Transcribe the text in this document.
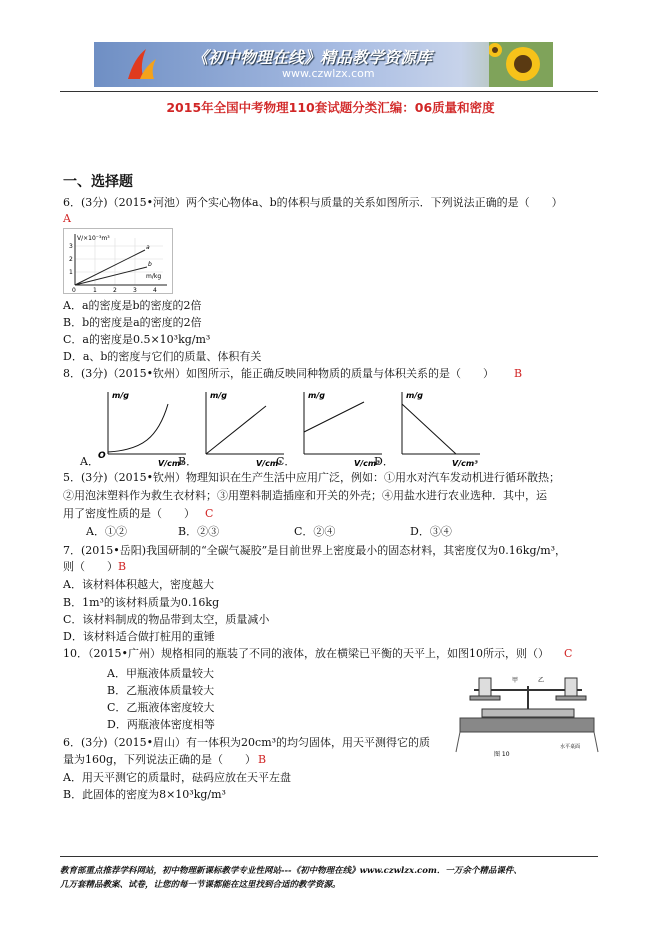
《初中物理在线》精品教学资源库
www.czwlzx.com
2015年全国中考物理110套试题分类汇编：06质量和密度
一、选择题
6．(3分)（2015•河池）两个实心物体a、b的体积与质量的关系如图所示．下列说法正确的是（　　）
A
V/×10⁻³m³
m/kg
a
b
1
2
3
0	1	2	3	4
A．a的密度是b的密度的2倍
B．b的密度是a的密度的2倍
C．a的密度是0.5×10³kg/m³
D．a、b的密度与它们的质量、体积有关
8．(3分)（2015•钦州）如图所示，能正确反映同种物质的质量与体积关系的是（　　） B
m/g
V/cm³
O
m/g
V/cm³
m/g
V/cm³
m/g
V/cm³
A．	B．	C．	D．
5．(3分)（2015•钦州）物理知识在生产生活中应用广泛，例如：①用水对汽车发动机进行循环散热；
②用泡沫塑料作为救生衣材料；③用塑料制造插座和开关的外壳；④用盐水进行农业选种．其中，运
用了密度性质的是（　　） C
A．①②	B．②③	C．②④	D．③④
7．(2015•岳阳)我国研制的“全碳气凝胶”是目前世界上密度最小的固态材料，其密度仅为0.16kg/m³，
则（　　） B
A．该材料体积越大，密度越大
B．1m³的该材料质量为0.16kg
C．该材料制成的物品带到太空，质量减小
D．该材料适合做打桩用的重锤
10．（2015•广州）规格相同的瓶装了不同的液体，放在横梁已平衡的天平上，如图10所示，则（） C
A．甲瓶液体质量较大
B．乙瓶液体质量较大
C．乙瓶液体密度较大
D．两瓶液体密度相等
甲	乙
图 10
水平桌面
6．(3分)（2015•眉山）有一体积为20cm³的均匀固体，用天平测得它的质
量为160g，下列说法正确的是（　　） B
A．用天平测它的质量时，砝码应放在天平左盘
B．此固体的密度为8×10³kg/m³
教育部重点推荐学科网站，初中物理新课标教学专业性网站---《初中物理在线》www.czwlzx.com．一万余个精品课件、
几万套精品教案、试卷，让您的每一节课都能在这里找到合适的教学资源。
